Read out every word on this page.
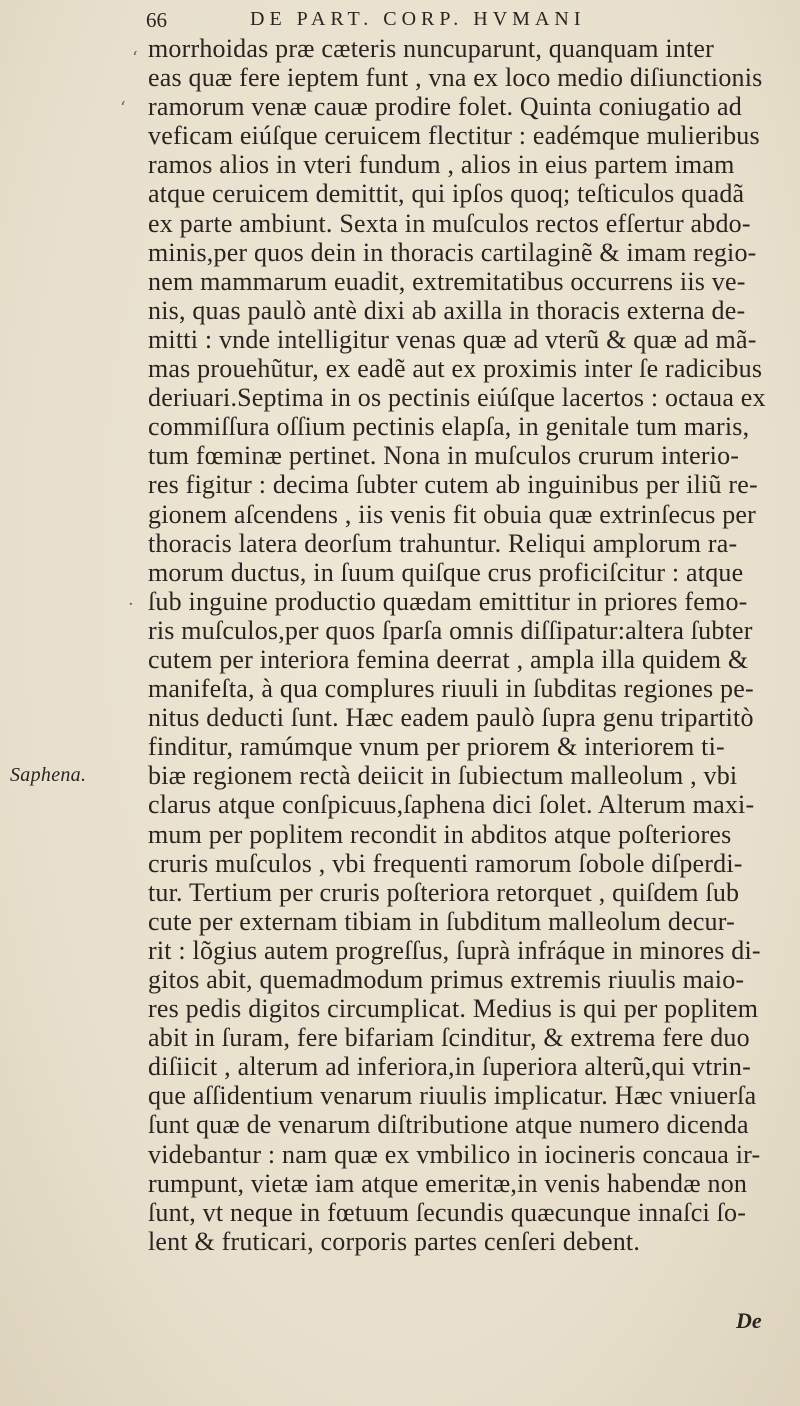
66	DE PART. CORP. HVMANI
morrhoidas præ cæteris nuncuparunt, quanquam inter
eas quæ fere ieptem funt , vna ex loco medio diſiunctionis
ramorum venæ cauæ prodire folet. Quinta coniugatio ad
veficam eiúſque ceruicem flectitur : eadémque mulieribus
ramos alios in vteri fundum , alios in eius partem imam
atque ceruicem demittit, qui ipſos quoq; teſticulos quadã
ex parte ambiunt. Sexta in muſculos rectos efſertur abdo-
minis,per quos dein in thoracis cartilaginẽ & imam regio-
nem mammarum euadit, extremitatibus occurrens iis ve-
nis, quas paulò antè dixi ab axilla in thoracis externa de-
mitti : vnde intelligitur venas quæ ad vterũ & quæ ad mã-
mas prouehũtur, ex eadẽ aut ex proximis inter ſe radicibus
deriuari.Septima in os pectinis eiúſque lacertos : octaua ex
commiſſura oſſium pectinis elapſa, in genitale tum maris,
tum fœminæ pertinet. Nona in muſculos crurum interio-
res figitur : decima ſubter cutem ab inguinibus per iliũ re-
gionem aſcendens , iis venis fit obuia quæ extrinſecus per
thoracis latera deorſum trahuntur. Reliqui amplorum ra-
morum ductus, in ſuum quiſque crus proficiſcitur : atque
ſub inguine productio quædam emittitur in priores femo-
ris muſculos,per quos ſparſa omnis diſſipatur:altera ſubter
cutem per interiora femina deerrat , ampla illa quidem &
manifeſta, à qua complures riuuli in ſubditas regiones pe-
nitus deducti ſunt. Hæc eadem paulò ſupra genu tripartitò
finditur, ramúmque vnum per priorem & interiorem ti-
biæ regionem rectà deiicit in ſubiectum malleolum , vbi
clarus atque conſpicuus,ſaphena dici ſolet. Alterum maxi-
mum per poplitem recondit in abditos atque poſteriores
cruris muſculos , vbi frequenti ramorum ſobole diſperdi-
tur. Tertium per cruris poſteriora retorquet , quiſdem ſub
cute per externam tibiam in ſubditum malleolum decur-
rit : lõgius autem progreſſus, ſuprà infráque in minores di-
gitos abit, quemadmodum primus extremis riuulis maio-
res pedis digitos circumplicat. Medius is qui per poplitem
abit in ſuram, fere bifariam ſcinditur, & extrema fere duo
diſiicit , alterum ad inferiora,in ſuperiora alterũ,qui vtrin-
que aſſidentium venarum riuulis implicatur. Hæc vniuerſa
ſunt quæ de venarum diſtributione atque numero dicenda
videbantur : nam quæ ex vmbilico in iocineris concaua ir-
rumpunt, vietæ iam atque emeritæ,in venis habendæ non
ſunt, vt neque in fœtuum ſecundis quæcunque innaſci ſo-
lent & fruticari, corporis partes cenſeri debent.
Saphena.
De
ʻ
ʻ
·
